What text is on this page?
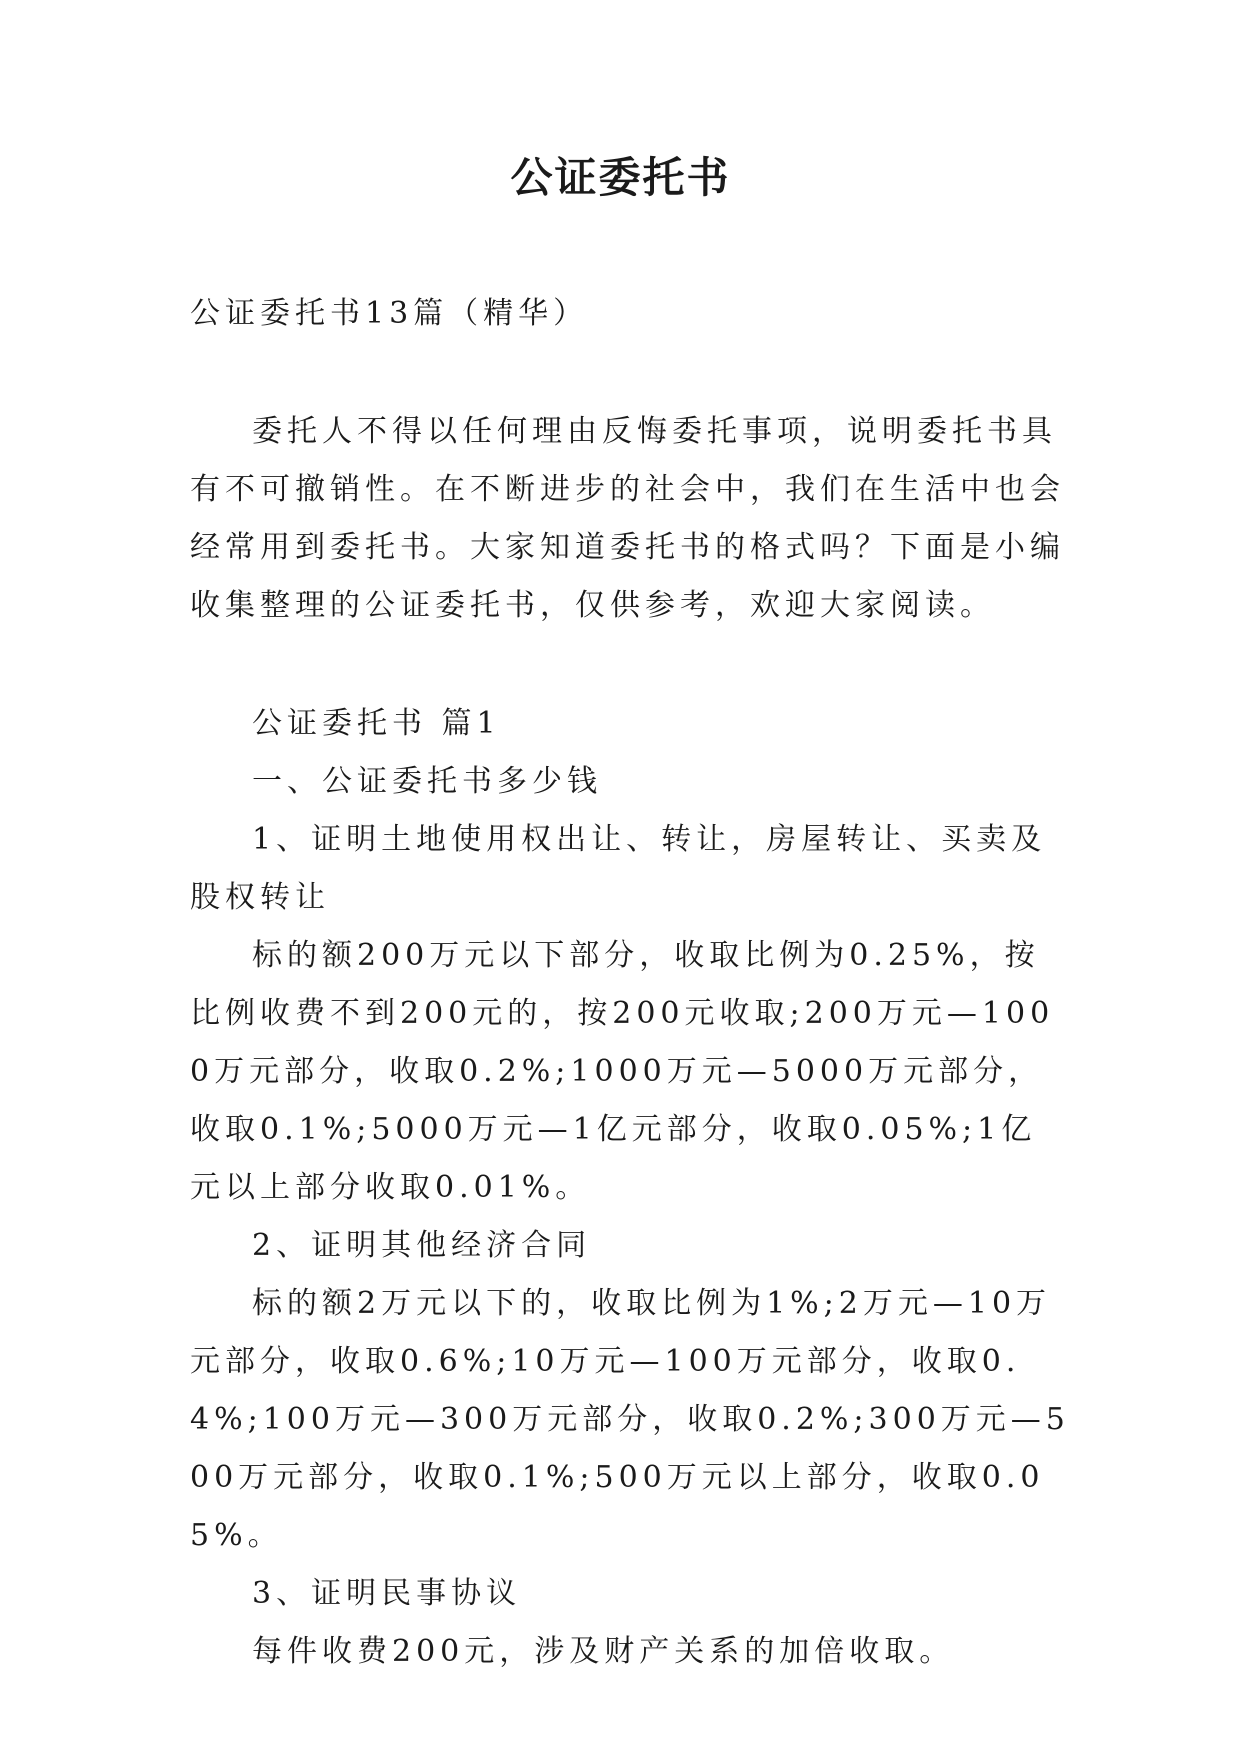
公证委托书

公证委托书13篇（精华）

委托人不得以任何理由反悔委托事项，说明委托书具有不可撤销性。在不断进步的社会中，我们在生活中也会经常用到委托书。大家知道委托书的格式吗？下面是小编收集整理的公证委托书，仅供参考，欢迎大家阅读。

公证委托书 篇1

一、公证委托书多少钱

1、证明土地使用权出让、转让，房屋转让、买卖及股权转让

标的额200万元以下部分，收取比例为0.25%，按比例收费不到200元的，按200元收取;200万元—1000万元部分，收取0.2%;1000万元—5000万元部分，收取0.1%;5000万元—1亿元部分，收取0.05%;1亿元以上部分收取0.01%。

2、证明其他经济合同

标的额2万元以下的，收取比例为1%;2万元—10万元部分，收取0.6%;10万元—100万元部分，收取0.4%;100万元—300万元部分，收取0.2%;300万元—500万元部分，收取0.1%;500万元以上部分，收取0.05%。

3、证明民事协议

每件收费200元，涉及财产关系的加倍收取。
